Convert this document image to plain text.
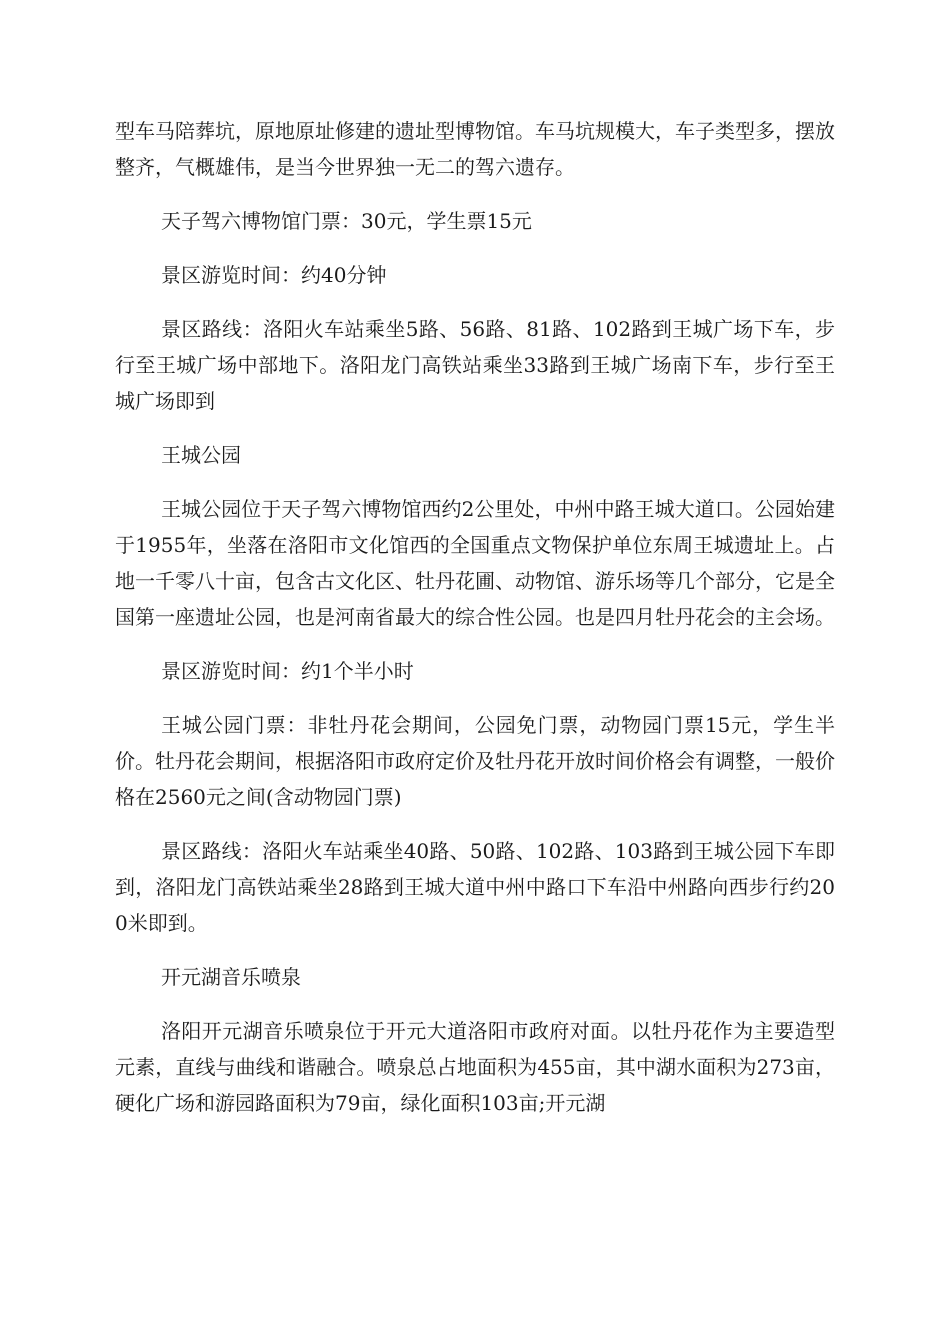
型车马陪葬坑，原地原址修建的遗址型博物馆。车马坑规模大，车子类型多，摆放整齐，气概雄伟，是当今世界独一无二的驾六遗存。

天子驾六博物馆门票：30元，学生票15元

景区游览时间：约40分钟

景区路线：洛阳火车站乘坐5路、56路、81路、102路到王城广场下车，步行至王城广场中部地下。洛阳龙门高铁站乘坐33路到王城广场南下车，步行至王城广场即到

王城公园

王城公园位于天子驾六博物馆西约2公里处，中州中路王城大道口。公园始建于1955年，坐落在洛阳市文化馆西的全国重点文物保护单位东周王城遗址上。占地一千零八十亩，包含古文化区、牡丹花圃、动物馆、游乐场等几个部分，它是全国第一座遗址公园，也是河南省最大的综合性公园。也是四月牡丹花会的主会场。

景区游览时间：约1个半小时

王城公园门票：非牡丹花会期间，公园免门票，动物园门票15元，学生半价。牡丹花会期间，根据洛阳市政府定价及牡丹花开放时间价格会有调整，一般价格在2560元之间(含动物园门票)

景区路线：洛阳火车站乘坐40路、50路、102路、103路到王城公园下车即到，洛阳龙门高铁站乘坐28路到王城大道中州中路口下车沿中州路向西步行约200米即到。

开元湖音乐喷泉

洛阳开元湖音乐喷泉位于开元大道洛阳市政府对面。以牡丹花作为主要造型元素，直线与曲线和谐融合。喷泉总占地面积为455亩，其中湖水面积为273亩，硬化广场和游园路面积为79亩，绿化面积103亩;开元湖
